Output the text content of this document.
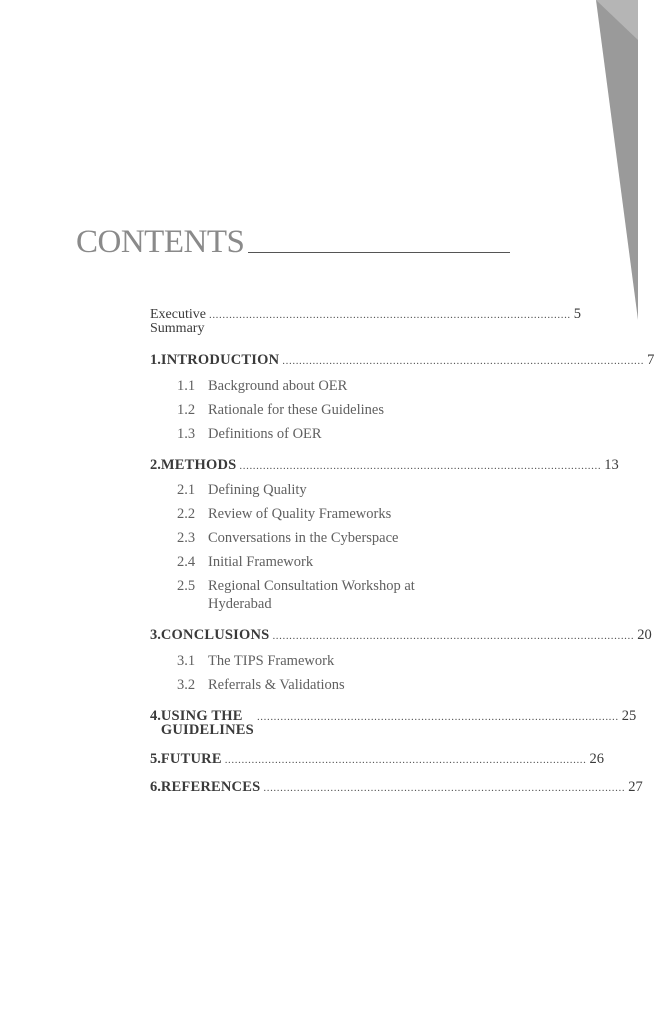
CONTENTS
Executive Summary
............................................................................................................ 5
1. INTRODUCTION ............................................................................................................ 7
1.1 Background about OER
1.2 Rationale for these Guidelines
1.3 Definitions of OER
2. METHODS ............................................................................................................ 13
2.1 Defining Quality
2.2 Review of Quality Frameworks
2.3 Conversations in the Cyberspace
2.4 Initial Framework
2.5 Regional Consultation Workshop at Hyderabad
3. CONCLUSIONS ............................................................................................................ 20
3.1 The TIPS Framework
3.2 Referrals & Validations
4. USING THE GUIDELINES
............................................................................................................ 25
5. FUTURE ............................................................................................................ 26
6. REFERENCES ............................................................................................................ 27
